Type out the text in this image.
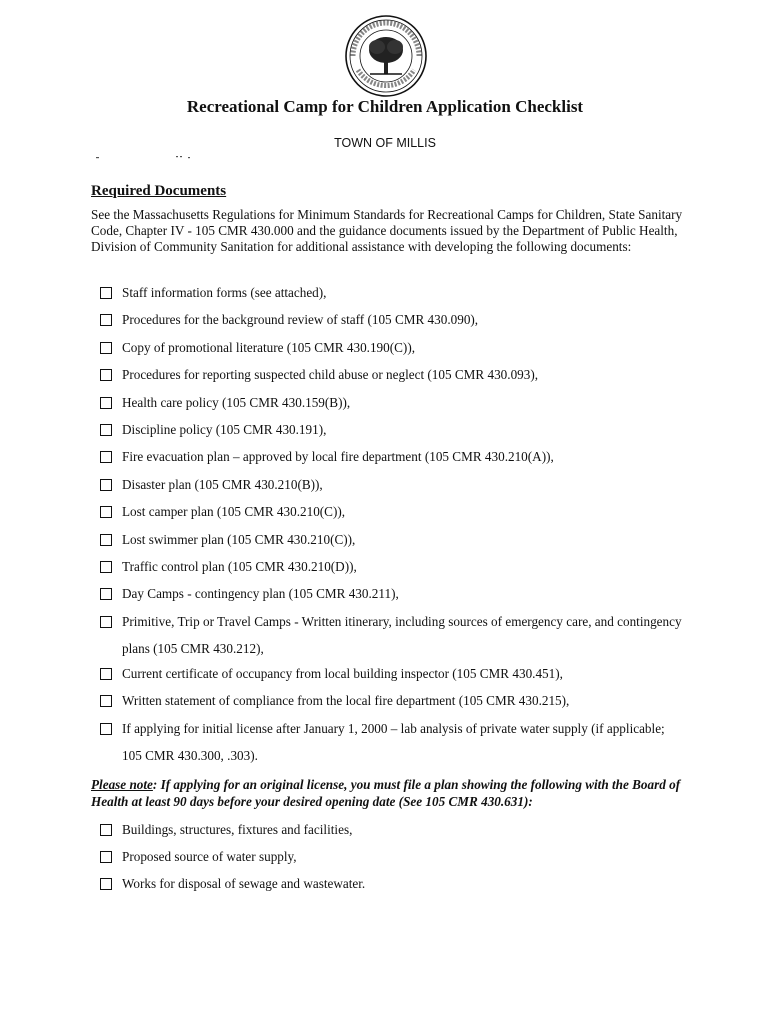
Recreational Camp for Children Application Checklist
TOWN OF MILLIS
Required Documents
See the Massachusetts Regulations for Minimum Standards for Recreational Camps for Children, State Sanitary Code, Chapter IV - 105 CMR 430.000 and the guidance documents issued by the Department of Public Health, Division of Community Sanitation for additional assistance with developing the following documents:
Staff information forms (see attached),
Procedures for the background review of staff (105 CMR 430.090),
Copy of promotional literature (105 CMR 430.190(C)),
Procedures for reporting suspected child abuse or neglect (105 CMR 430.093),
Health care policy (105 CMR 430.159(B)),
Discipline policy (105 CMR 430.191),
Fire evacuation plan – approved by local fire department (105 CMR 430.210(A)),
Disaster plan (105 CMR 430.210(B)),
Lost camper plan (105 CMR 430.210(C)),
Lost swimmer plan (105 CMR 430.210(C)),
Traffic control plan (105 CMR 430.210(D)),
Day Camps - contingency plan (105 CMR 430.211),
Primitive, Trip or Travel Camps - Written itinerary, including sources of emergency care, and contingency plans (105 CMR 430.212),
Current certificate of occupancy from local building inspector (105 CMR 430.451),
Written statement of compliance from the local fire department (105 CMR 430.215),
If applying for initial license after January 1, 2000 – lab analysis of private water supply (if applicable; 105 CMR 430.300, .303).
Please note: If applying for an original license, you must file a plan showing the following with the Board of Health at least 90 days before your desired opening date (See 105 CMR 430.631):
Buildings, structures, fixtures and facilities,
Proposed source of water supply,
Works for disposal of sewage and wastewater.
